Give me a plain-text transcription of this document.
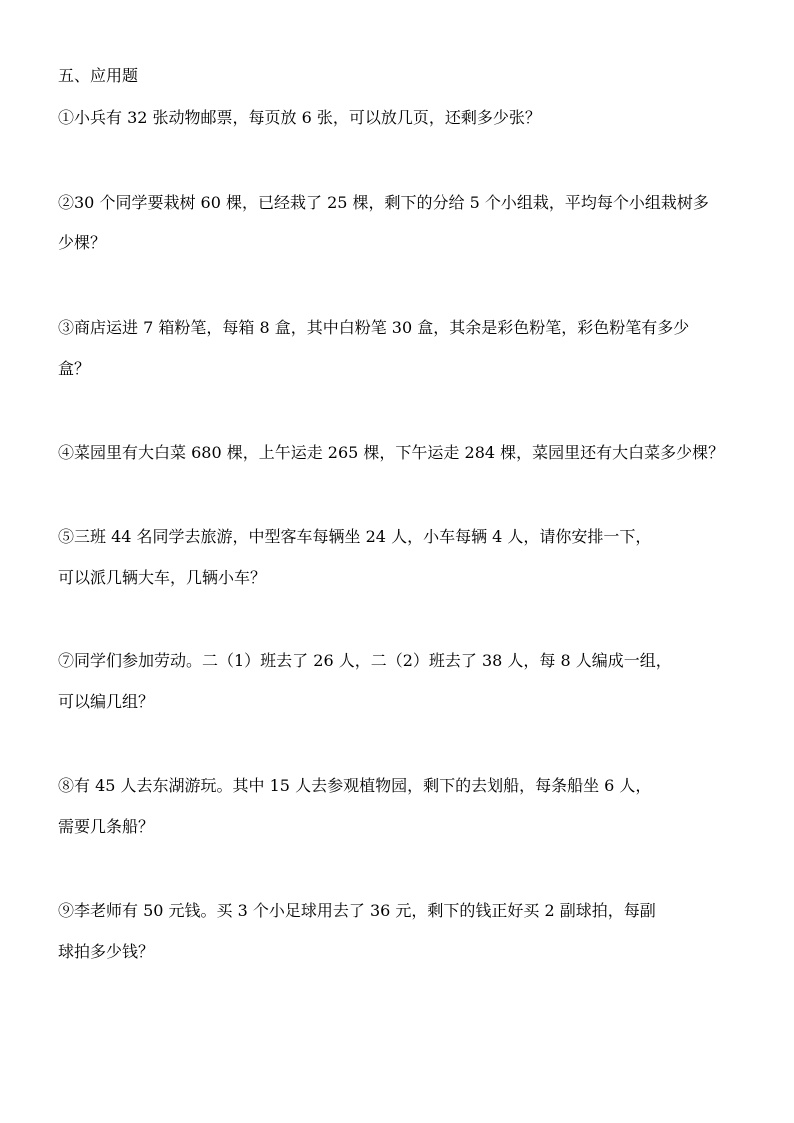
五、应用题
①小兵有 32 张动物邮票，每页放 6 张，可以放几页，还剩多少张？
②30 个同学要栽树 60 棵，已经栽了 25 棵，剩下的分给 5 个小组栽，平均每个小组栽树多
少棵？
③商店运进 7 箱粉笔，每箱 8 盒，其中白粉笔 30 盒，其余是彩色粉笔，彩色粉笔有多少
盒？
④菜园里有大白菜 680 棵，上午运走 265 棵，下午运走 284 棵，菜园里还有大白菜多少棵？
⑤三班 44 名同学去旅游，中型客车每辆坐 24 人，小车每辆 4 人，请你安排一下，
可以派几辆大车，几辆小车？
⑦同学们参加劳动。二（1）班去了 26 人，二（2）班去了 38 人，每 8 人编成一组，
可以编几组？
⑧有 45 人去东湖游玩。其中 15 人去参观植物园，剩下的去划船，每条船坐 6 人，
需要几条船？
⑨李老师有 50 元钱。买 3 个小足球用去了 36 元，剩下的钱正好买 2 副球拍，每副
球拍多少钱？
